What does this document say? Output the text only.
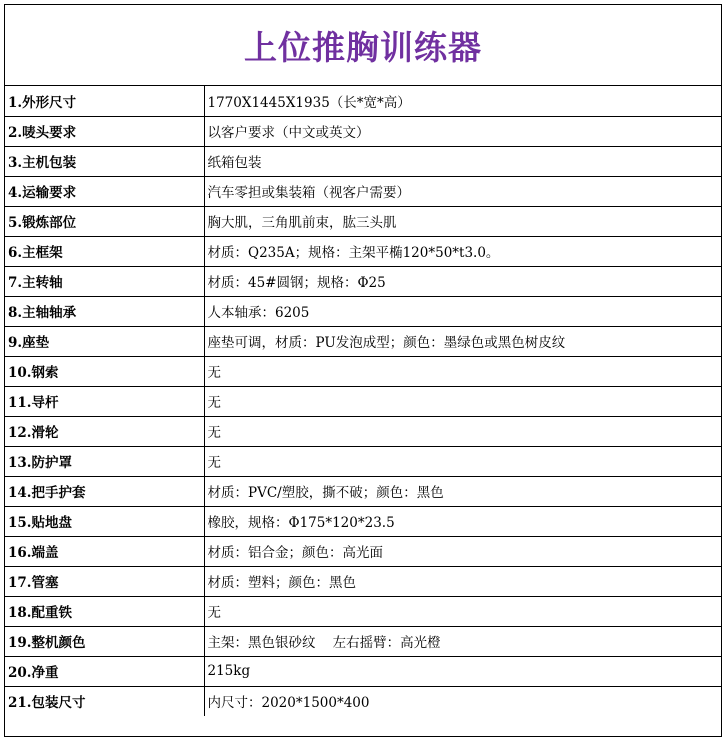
上位推胸训练器
1.外形尺寸	1770X1445X1935（长*宽*高）
2.唛头要求	以客户要求（中文或英文）
3.主机包装	纸箱包装
4.运输要求	汽车零担或集装箱（视客户需要）
5.锻炼部位	胸大肌，三角肌前束，肱三头肌
6.主框架	材质：Q235A；规格：主架平椭120*50*t3.0。
7.主转轴	材质：45#圆钢；规格：Φ25
8.主轴轴承	人本轴承：6205
9.座垫	座垫可调，材质：PU发泡成型；颜色：墨绿色或黑色树皮纹
10.钢索	无
11.导杆	无
12.滑轮	无
13.防护罩	无
14.把手护套	材质：PVC/塑胶，撕不破；颜色：黑色
15.贴地盘	橡胶，规格：Φ175*120*23.5
16.端盖	材质：铝合金；颜色：高光面
17.管塞	材质：塑料；颜色：黑色
18.配重铁	无
19.整机颜色	主架：黑色银砂纹    左右摇臂：高光橙
20.净重	215kg
21.包装尺寸	内尺寸：2020*1500*400
